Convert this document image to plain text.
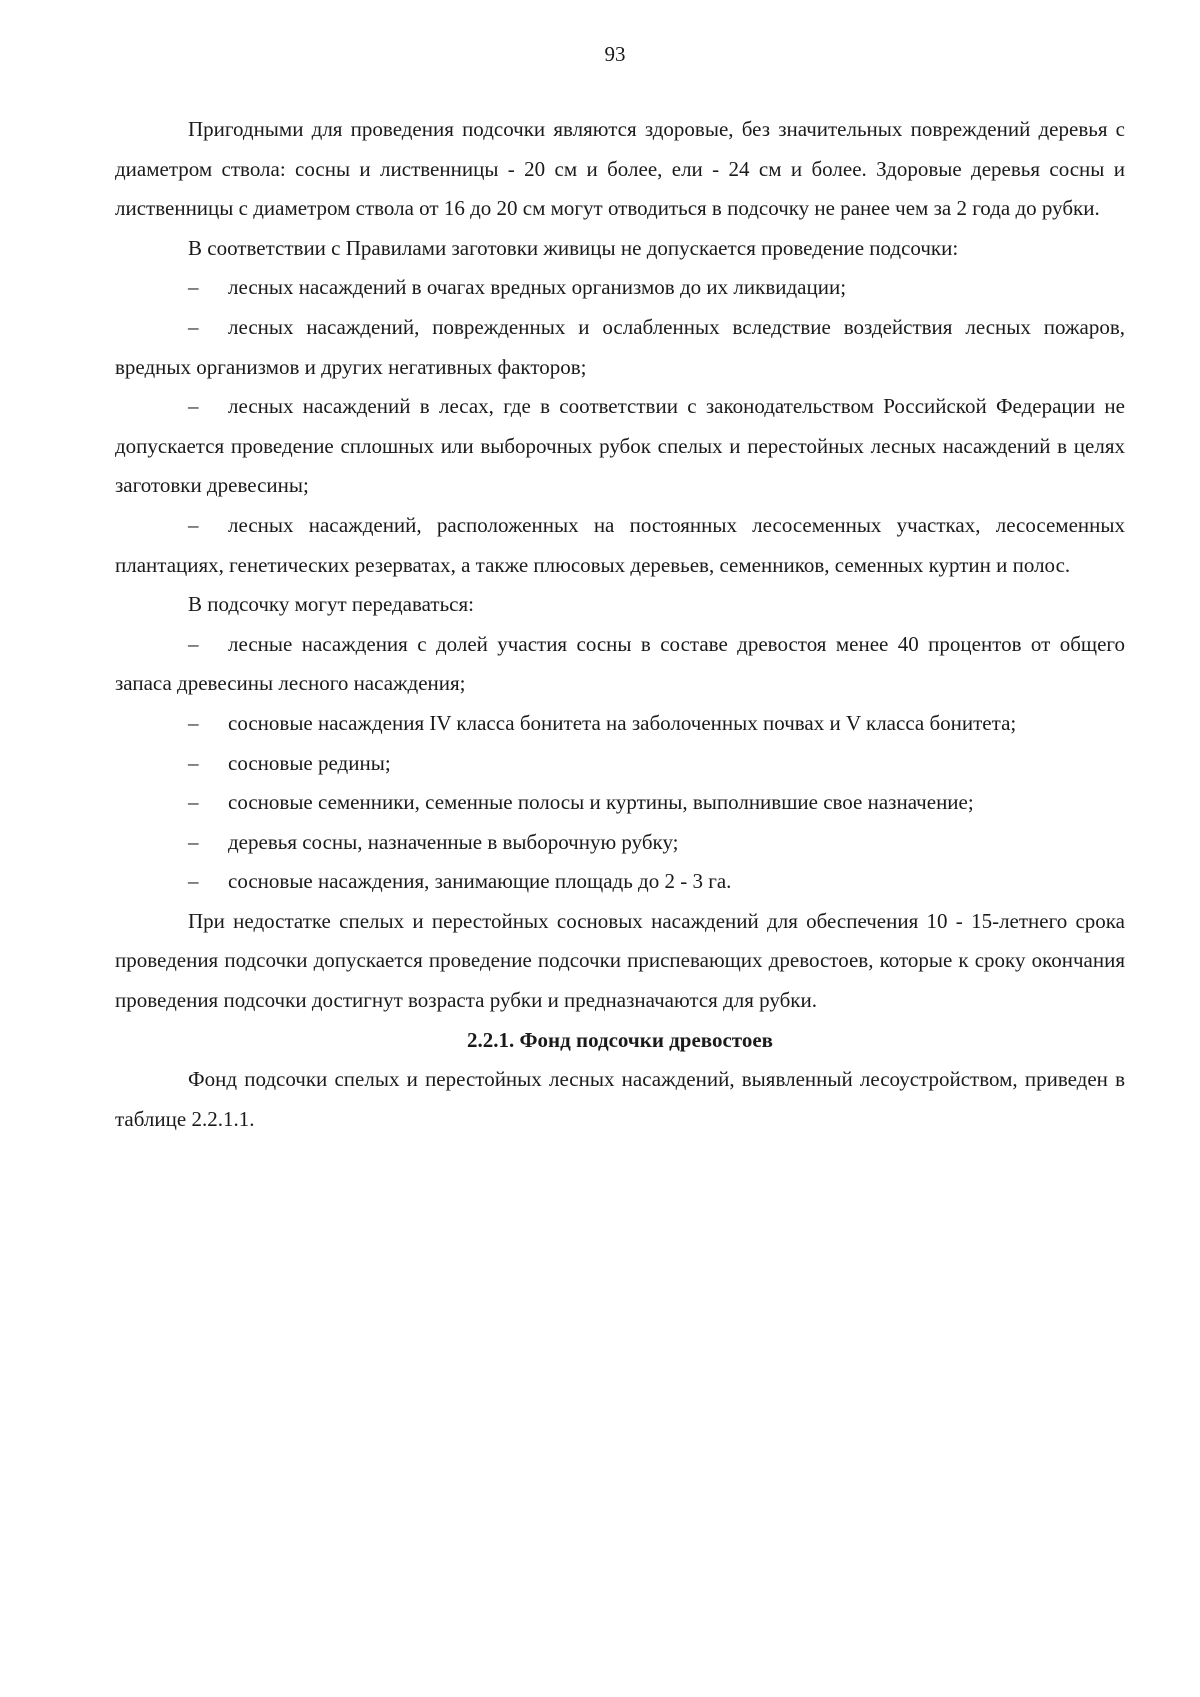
93

Пригодными для проведения подсочки являются здоровые, без значительных повреждений деревья с диаметром ствола: сосны и лиственницы - 20 см и более, ели - 24 см и более. Здоровые деревья сосны и лиственницы с диаметром ствола от 16 до 20 см могут отводиться в подсочку не ранее чем за 2 года до рубки.

В соответствии с Правилами заготовки живицы не допускается проведение подсочки:

– лесных насаждений в очагах вредных организмов до их ликвидации;

– лесных насаждений, поврежденных и ослабленных вследствие воздействия лесных пожаров, вредных организмов и других негативных факторов;

– лесных насаждений в лесах, где в соответствии с законодательством Российской Федерации не допускается проведение сплошных или выборочных рубок спелых и перестойных лесных насаждений в целях заготовки древесины;

– лесных насаждений, расположенных на постоянных лесосеменных участках, лесосеменных плантациях, генетических резерватах, а также плюсовых деревьев, семенников, семенных куртин и полос.

В подсочку могут передаваться:

– лесные насаждения с долей участия сосны в составе древостоя менее 40 процентов от общего запаса древесины лесного насаждения;

– сосновые насаждения IV класса бонитета на заболоченных почвах и V класса бонитета;

– сосновые редины;

– сосновые семенники, семенные полосы и куртины, выполнившие свое назначение;

– деревья сосны, назначенные в выборочную рубку;

– сосновые насаждения, занимающие площадь до 2 - 3 га.

При недостатке спелых и перестойных сосновых насаждений для обеспечения 10 - 15-летнего срока проведения подсочки допускается проведение подсочки приспевающих древостоев, которые к сроку окончания проведения подсочки достигнут возраста рубки и предназначаются для рубки.

2.2.1. Фонд подсочки древостоев

Фонд подсочки спелых и перестойных лесных насаждений, выявленный лесоустройством, приведен в таблице 2.2.1.1.
